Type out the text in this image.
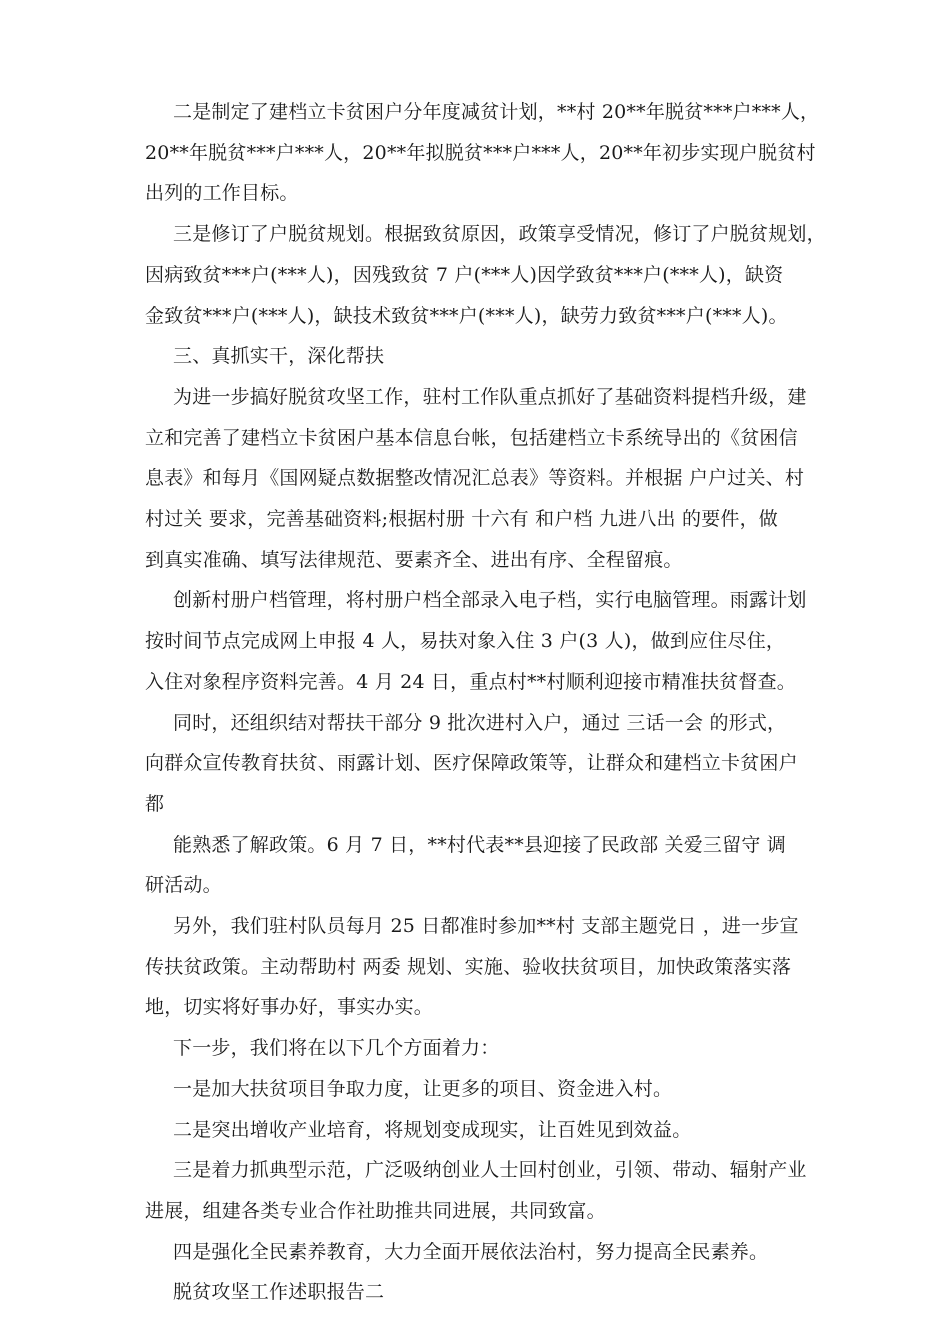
二是制定了建档立卡贫困户分年度减贫计划，**村 20**年脱贫***户***人，
20**年脱贫***户***人，20**年拟脱贫***户***人，20**年初步实现户脱贫村
出列的工作目标。
三是修订了户脱贫规划。根据致贫原因，政策享受情况，修订了户脱贫规划，
因病致贫***户(***人)，因残致贫 7 户(***人)因学致贫***户(***人)，缺资
金致贫***户(***人)，缺技术致贫***户(***人)，缺劳力致贫***户(***人)。
三、真抓实干，深化帮扶
为进一步搞好脱贫攻坚工作，驻村工作队重点抓好了基础资料提档升级，建
立和完善了建档立卡贫困户基本信息台帐，包括建档立卡系统导出的《贫困信
息表》和每月《国网疑点数据整改情况汇总表》等资料。并根据 户户过关、村
村过关 要求，完善基础资料;根据村册 十六有 和户档 九进八出 的要件，做
到真实准确、填写法律规范、要素齐全、进出有序、全程留痕。
创新村册户档管理，将村册户档全部录入电子档，实行电脑管理。雨露计划
按时间节点完成网上申报 4 人，易扶对象入住 3 户(3 人)，做到应住尽住，
入住对象程序资料完善。4 月 24 日，重点村**村顺利迎接市精准扶贫督查。
同时，还组织结对帮扶干部分 9 批次进村入户，通过 三话一会 的形式，
向群众宣传教育扶贫、雨露计划、医疗保障政策等，让群众和建档立卡贫困户
都
能熟悉了解政策。6 月 7 日，**村代表**县迎接了民政部 关爱三留守 调
研活动。
另外，我们驻村队员每月 25 日都准时参加**村 支部主题党日 ，进一步宣
传扶贫政策。主动帮助村 两委 规划、实施、验收扶贫项目，加快政策落实落
地，切实将好事办好，事实办实。
下一步，我们将在以下几个方面着力：
一是加大扶贫项目争取力度，让更多的项目、资金进入村。
二是突出增收产业培育，将规划变成现实，让百姓见到效益。
三是着力抓典型示范，广泛吸纳创业人士回村创业，引领、带动、辐射产业
进展，组建各类专业合作社助推共同进展，共同致富。
四是强化全民素养教育，大力全面开展依法治村，努力提高全民素养。
脱贫攻坚工作述职报告二
